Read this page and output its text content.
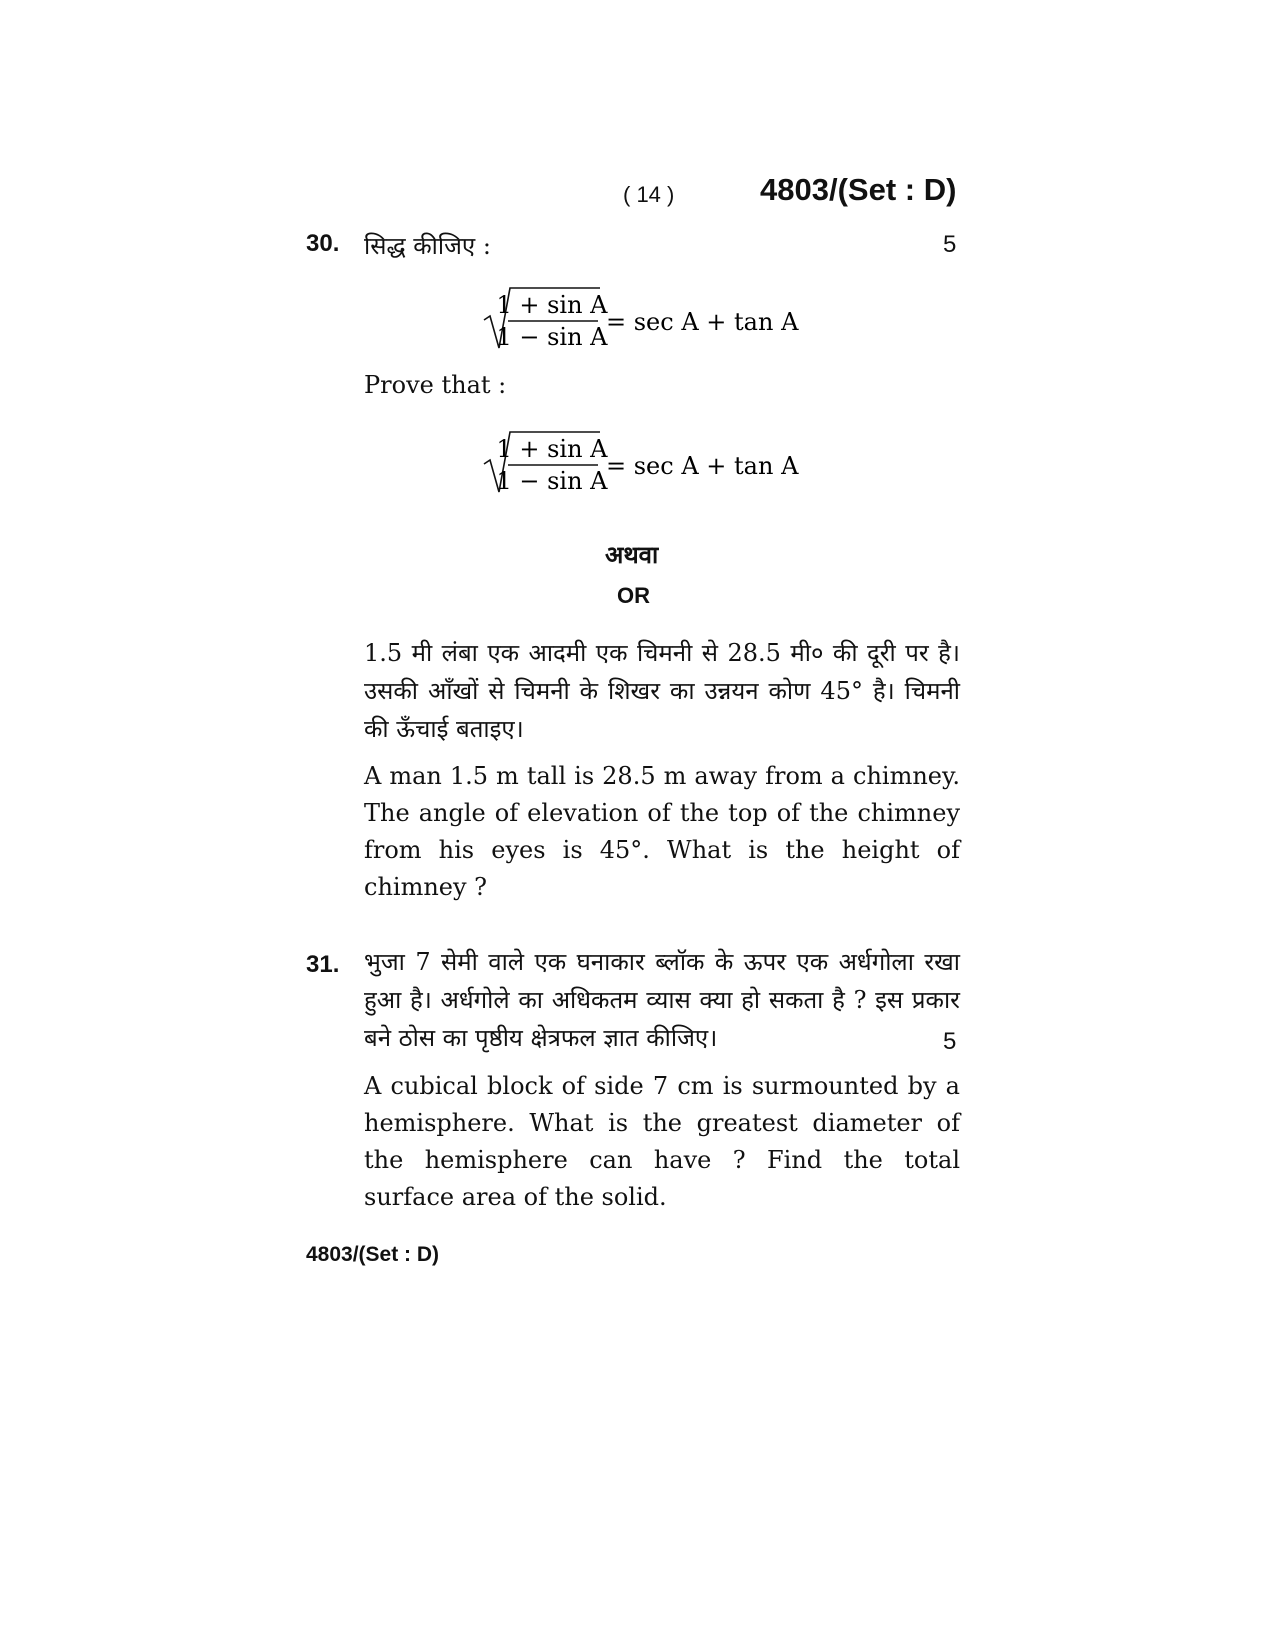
( 14 )	4803/(Set : D)
30. सिद्ध कीजिए :	5
1 + sin A
1 − sin A
= sec A + tan A
Prove that :
1 + sin A
1 − sin A
= sec A + tan A
अथवा
OR
1.5 मी लंबा एक आदमी एक चिमनी से 28.5 मी० की दूरी पर है। उसकी आँखों से चिमनी के शिखर का उन्नयन कोण 45° है। चिमनी की ऊँचाई बताइए।
A man 1.5 m tall is 28.5 m away from a chimney. The angle of elevation of the top of the chimney from his eyes is 45°. What is the height of chimney ?
31. भुजा 7 सेमी वाले एक घनाकार ब्लॉक के ऊपर एक अर्धगोला रखा हुआ है। अर्धगोले का अधिकतम व्यास क्या हो सकता है ? इस प्रकार बने ठोस का पृष्ठीय क्षेत्रफल ज्ञात कीजिए।	5
A cubical block of side 7 cm is surmounted by a hemisphere. What is the greatest diameter of the hemisphere can have ? Find the total surface area of the solid.
4803/(Set : D)
